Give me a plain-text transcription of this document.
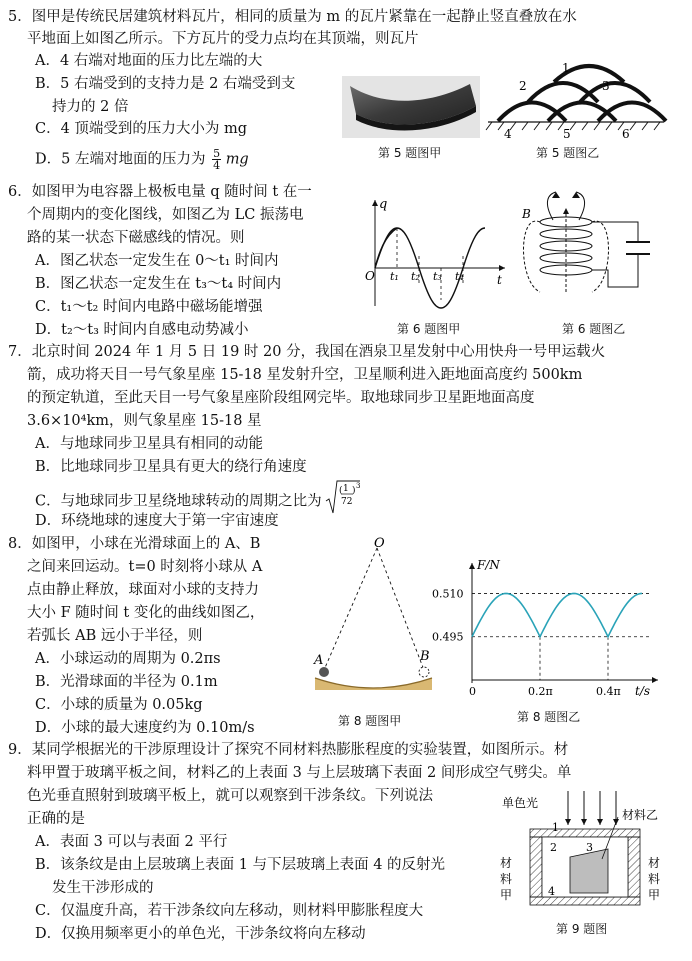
5．图甲是传统民居建筑材料瓦片，相同的质量为 m 的瓦片紧靠在一起静止竖直叠放在水
平地面上如图乙所示。下方瓦片的受力点均在其顶端，则瓦片
A．4 右端对地面的压力比左端的大
B．5 右端受到的支持力是 2 右端受到支
持力的 2 倍
C．4 顶端受到的压力大小为 mg
D．5 左端对地面的压力为 $\frac{5}{4}$ mg	第 5 题图甲
1
2	3
4	5	6
第 5 题图乙
6．如图甲为电容器上极板电量 q 随时间 t 在一
个周期内的变化图线，如图乙为 LC 振荡电
路的某一状态下磁感线的情况。则
A．图乙状态一定发生在 0～t₁ 时间内
B．图乙状态一定发生在 t₃～t₄ 时间内
C．t₁～t₂ 时间内电路中磁场能增强
D．t₂～t₃ 时间内自感电动势减小
q
O	t
t₁ t₂ t₃ t₄
第 6 题图甲
B
第 6 题图乙
7．北京时间 2024 年 1 月 5 日 19 时 20 分，我国在酒泉卫星发射中心用快舟一号甲运载火
箭，成功将天目一号气象星座 15-18 星发射升空，卫星顺利进入距地面高度约 500km
的预定轨道，至此天目一号气象星座阶段组网完毕。取地球同步卫星距地面高度
3.6×10⁴km，则气象星座 15-18 星
A．与地球同步卫星具有相同的动能
B．比地球同步卫星具有更大的绕行角速度
C．与地球同步卫星绕地球转动的周期之比为
( 1
72
) 3
D．环绕地球的速度大于第一宇宙速度
8．如图甲，小球在光滑球面上的 A、B
之间来回运动。t=0 时刻将小球从 A
点由静止释放，球面对小球的支持力
大小 F 随时间 t 变化的曲线如图乙，
若弧长 AB 远小于半径，则
A．小球运动的周期为 0.2πs
B．光滑球面的半径为 0.1m
C．小球的质量为 0.05kg
D．小球的最大速度约为 0.10m/s
O
A	B
第 8 题图甲
F/N
t/s
0.510
0.495
0	0.2π	0.4π
第 8 题图乙
9．某同学根据光的干涉原理设计了探究不同材料热膨胀程度的实验装置，如图所示。材
料甲置于玻璃平板之间，材料乙的上表面 3 与上层玻璃下表面 2 间形成空气劈尖。单
色光垂直照射到玻璃平板上，就可以观察到干涉条纹。下列说法
正确的是
A．表面 3 可以与表面 2 平行
B．该条纹是由上层玻璃上表面 1 与下层玻璃上表面 4 的反射光
发生干涉形成的
C．仅温度升高，若干涉条纹向左移动，则材料甲膨胀程度大
D．仅换用频率更小的单色光，干涉条纹将向左移动
单色光
材料乙
材
料
甲
材
料
甲
1
2	3
4
第 9 题图
